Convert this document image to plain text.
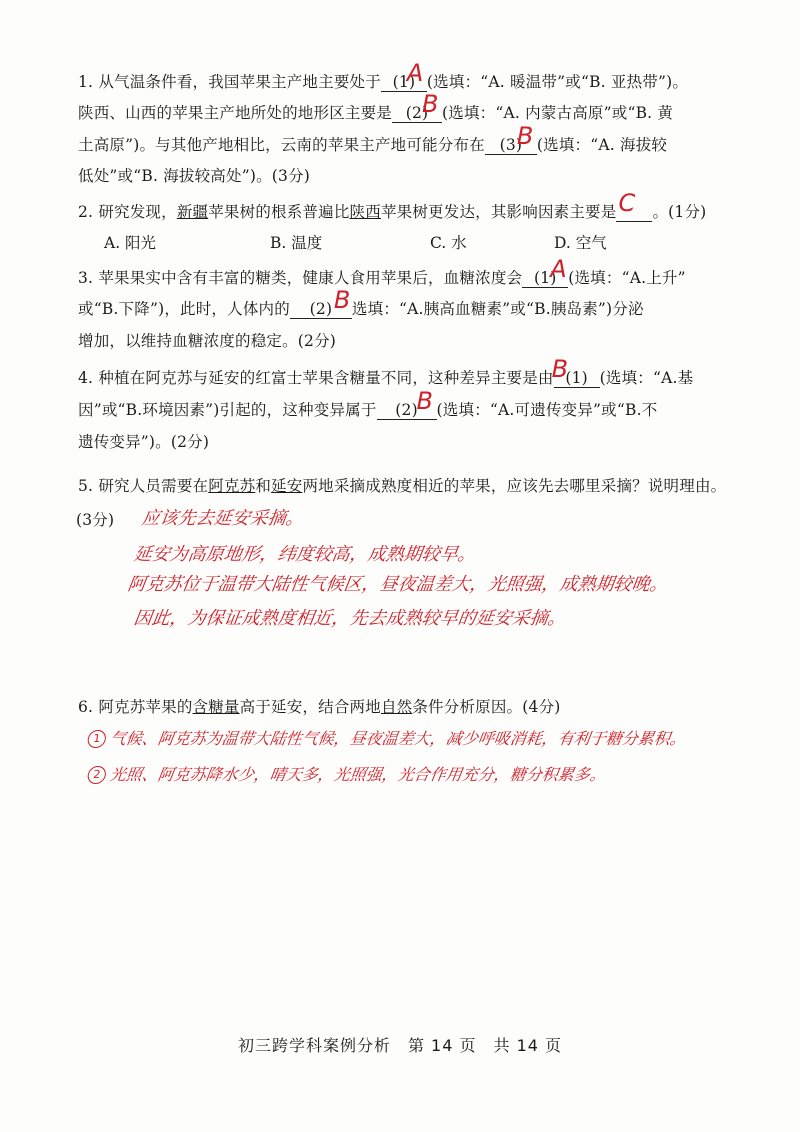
1. 从气温条件看，我国苹果主产地主要处于 (1)
A (选填：“A. 暖温带”或“B. 亚热带”)。
陕西、山西的苹果主产地所处的地形区主要是 (2)
B (选填：“A. 内蒙古高原”或“B. 黄
土高原”)。与其他产地相比，云南的苹果主产地可能分布在 (3)
B (选填：“A. 海拔较
低处”或“B. 海拔较高处”)。(3分)
2. 研究发现，新疆苹果树的根系普遍比陕西苹果树更发达，其影响因素主要是 C 。(1分)
A. 阳光	B. 温度	C. 水	D. 空气
3. 苹果果实中含有丰富的糖类，健康人食用苹果后，血糖浓度会 (1)
A (选填：“A.上升”
或“B.下降”)，此时，人体内的 (2) B 选填：“A.胰高血糖素”或“B.胰岛素”)分泌
增加，以维持血糖浓度的稳定。(2分)
4. 种植在阿克苏与延安的红富士苹果含糖量不同，这种差异主要是由 (1)
B (选填：“A.基
因”或“B.环境因素”)引起的，这种变异属于 (2)
B (选填：“A.可遗传变异”或“B.不
遗传变异”)。(2分)
5. 研究人员需要在阿克苏和延安两地采摘成熟度相近的苹果，应该先去哪里采摘？说明理由。
(3分) 应该先去延安采摘。
延安为高原地形，纬度较高，成熟期较早。
阿克苏位于温带大陆性气候区，昼夜温差大，光照强，成熟期较晚。
因此，为保证成熟度相近，先去成熟较早的延安采摘。
6. 阿克苏苹果的含糖量高于延安，结合两地自然条件分析原因。(4分)
1 气候、阿克苏为温带大陆性气候，昼夜温差大，减少呼吸消耗，有利于糖分累积。
2 光照、阿克苏降水少，晴天多，光照强，光合作用充分，糖分积累多。
初三跨学科案例分析　第 14 页　共 14 页
